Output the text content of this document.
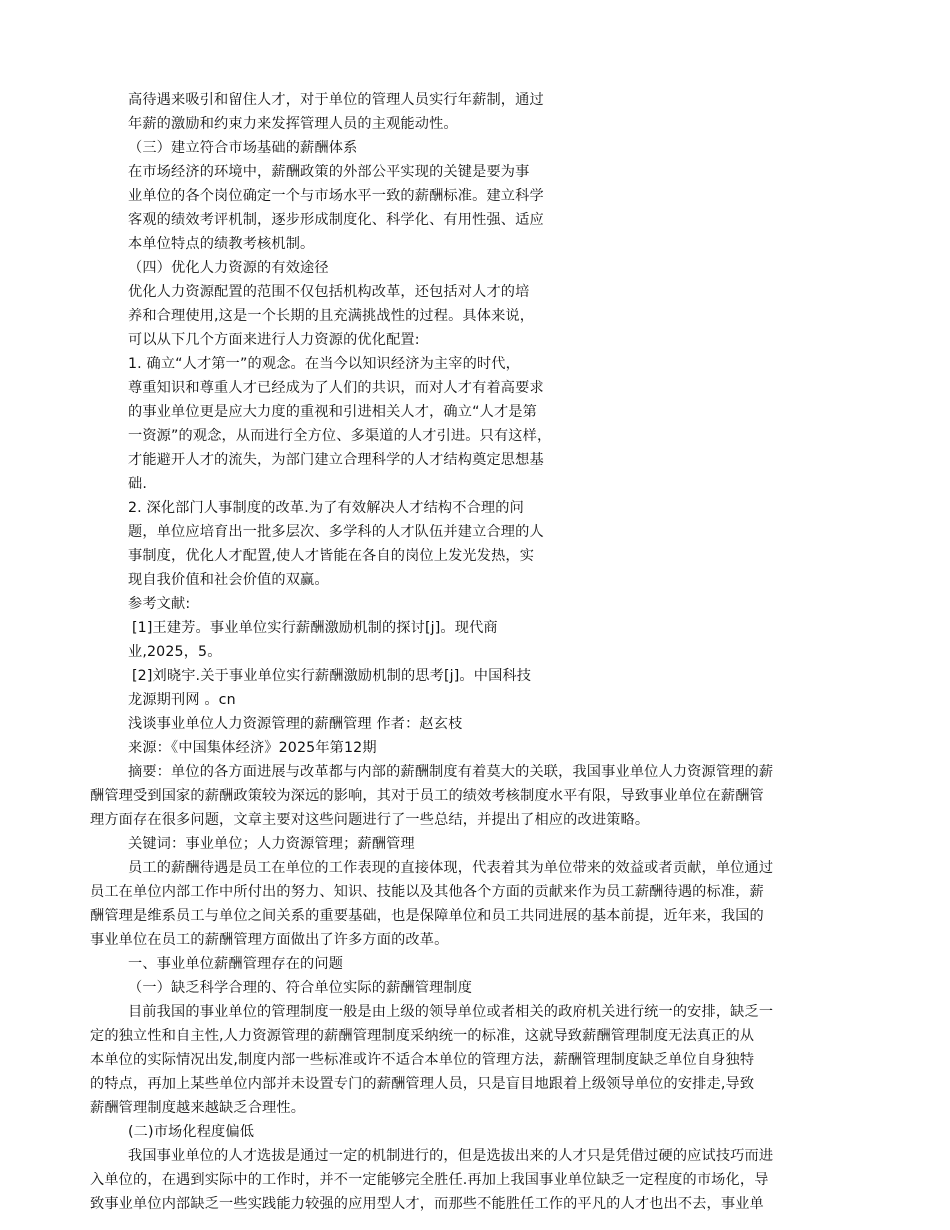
高待遇来吸引和留住人才，对于单位的管理人员实行年薪制，通过

年薪的激励和约束力来发挥管理人员的主观能动性。

（三）建立符合市场基础的薪酬体系

在市场经济的环境中，薪酬政策的外部公平实现的关键是要为事

业单位的各个岗位确定一个与市场水平一致的薪酬标准。建立科学

客观的绩效考评机制，逐步形成制度化、科学化、有用性强、适应

本单位特点的绩教考核机制。

（四）优化人力资源的有效途径

优化人力资源配置的范围不仅包括机构改革，还包括对人才的培

养和合理使用,这是一个长期的且充满挑战性的过程。具体来说，

可以从下几个方面来进行人力资源的优化配置:

1. 确立“人才第一”的观念。在当今以知识经济为主宰的时代，

尊重知识和尊重人才已经成为了人们的共识，而对人才有着高要求

的事业单位更是应大力度的重视和引进相关人才，确立“人才是第

一资源”的观念，从而进行全方位、多渠道的人才引进。只有这样，

才能避开人才的流失，为部门建立合理科学的人才结构奠定思想基

础.

2. 深化部门人事制度的改革.为了有效解决人才结构不合理的问

题，单位应培育出一批多层次、多学科的人才队伍并建立合理的人

事制度，优化人才配置,使人才皆能在各自的岗位上发光发热，实

现自我价值和社会价值的双赢。

参考文献:

[1]王建芳。事业单位实行薪酬激励机制的探讨[j]。现代商

业,2025，5。

[2]刘晓宇.关于事业单位实行薪酬激励机制的思考[j]。中国科技

龙源期刊网 。cn

浅谈事业单位人力资源管理的薪酬管理 作者：赵玄枝

来源：《中国集体经济》2025年第12期

摘要：单位的各方面进展与改革都与内部的薪酬制度有着莫大的关联，我国事业单位人力资源管理的薪

酬管理受到国家的薪酬政策较为深远的影响，其对于员工的绩效考核制度水平有限，导致事业单位在薪酬管

理方面存在很多问题，文章主要对这些问题进行了一些总结，并提出了相应的改进策略。

关键词：事业单位；人力资源管理；薪酬管理

员工的薪酬待遇是员工在单位的工作表现的直接体现，代表着其为单位带来的效益或者贡献，单位通过

员工在单位内部工作中所付出的努力、知识、技能以及其他各个方面的贡献来作为员工薪酬待遇的标准，薪

酬管理是维系员工与单位之间关系的重要基础，也是保障单位和员工共同进展的基本前提，近年来，我国的

事业单位在员工的薪酬管理方面做出了许多方面的改革。

一、事业单位薪酬管理存在的问题

（一）缺乏科学合理的、符合单位实际的薪酬管理制度

目前我国的事业单位的管理制度一般是由上级的领导单位或者相关的政府机关进行统一的安排，缺乏一

定的独立性和自主性,人力资源管理的薪酬管理制度采纳统一的标准，这就导致薪酬管理制度无法真正的从

本单位的实际情况出发,制度内部一些标准或许不适合本单位的管理方法，薪酬管理制度缺乏单位自身独特

的特点，再加上某些单位内部并未设置专门的薪酬管理人员，只是盲目地跟着上级领导单位的安排走,导致

薪酬管理制度越来越缺乏合理性。

(二)市场化程度偏低

我国事业单位的人才选拔是通过一定的机制进行的，但是选拔出来的人才只是凭借过硬的应试技巧而进

入单位的，在遇到实际中的工作时，并不一定能够完全胜任.再加上我国事业单位缺乏一定程度的市场化，导

致事业单位内部缺乏一些实践能力较强的应用型人才，而那些不能胜任工作的平凡的人才也出不去，事业单
